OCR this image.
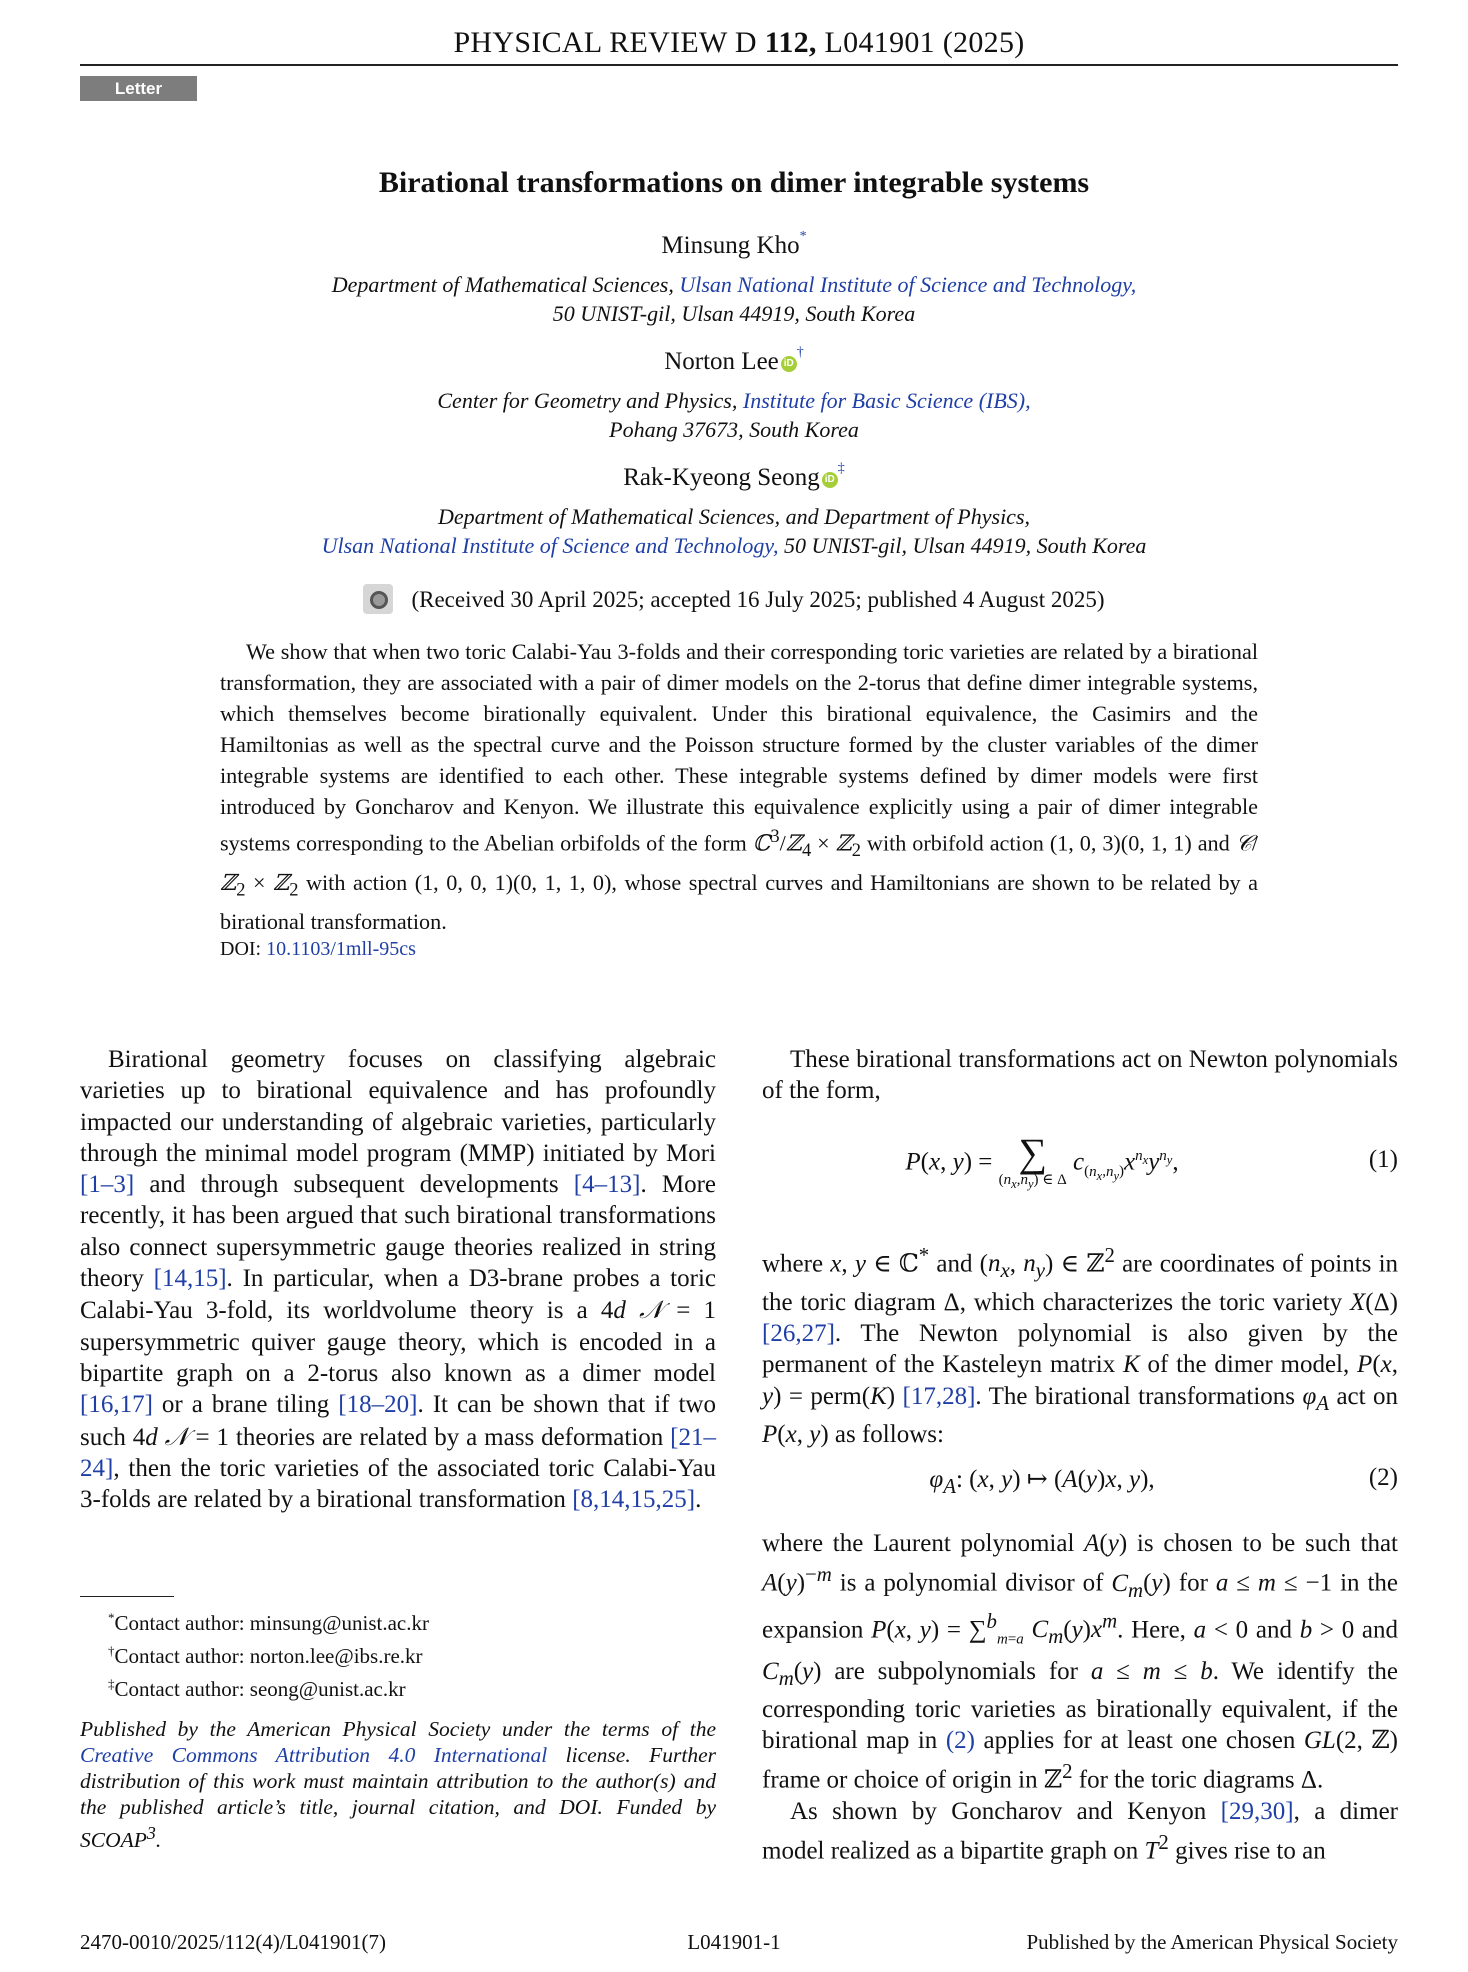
PHYSICAL REVIEW D 112, L041901 (2025)
Letter
Birational transformations on dimer integrable systems
Minsung Kho*
Department of Mathematical Sciences, Ulsan National Institute of Science and Technology,
50 UNIST-gil, Ulsan 44919, South Korea
Norton Lee iD†
Center for Geometry and Physics, Institute for Basic Science (IBS),
Pohang 37673, South Korea
Rak-Kyeong Seong iD‡
Department of Mathematical Sciences, and Department of Physics,
Ulsan National Institute of Science and Technology, 50 UNIST-gil, Ulsan 44919, South Korea
(Received 30 April 2025; accepted 16 July 2025; published 4 August 2025)
We show that when two toric Calabi-Yau 3-folds and their corresponding toric varieties are related by a birational transformation, they are associated with a pair of dimer models on the 2-torus that define dimer integrable systems, which themselves become birationally equivalent. Under this birational equivalence, the Casimirs and the Hamiltonias as well as the spectral curve and the Poisson structure formed by the cluster variables of the dimer integrable systems are identified to each other. These integrable systems defined by dimer models were first introduced by Goncharov and Kenyon. We illustrate this equivalence explicitly using a pair of dimer integrable systems corresponding to the Abelian orbifolds of the form ℂ$^3$/ℤ$_4$ × ℤ$_2$ with orbifold action (1, 0, 3)(0, 1, 1) and 𝒞/ℤ$_2$ × ℤ$_2$ with action (1, 0, 0, 1)(0, 1, 1, 0), whose spectral curves and Hamiltonians are shown to be related by a birational transformation.
DOI: 10.1103/1mll-95cs

Birational geometry focuses on classifying algebraic varieties up to birational equivalence and has profoundly impacted our understanding of algebraic varieties, particularly through the minimal model program (MMP) initiated by Mori [1–3] and through subsequent developments [4–13]. More recently, it has been argued that such birational transformations also connect supersymmetric gauge theories realized in string theory [14,15]. In particular, when a D3-brane probes a toric Calabi-Yau 3-fold, its worldvolume theory is a 4d 𝒩 = 1 supersymmetric quiver gauge theory, which is encoded in a bipartite graph on a 2-torus also known as a dimer model [16,17] or a brane tiling [18–20]. It can be shown that if two such 4d 𝒩 = 1 theories are related by a mass deformation [21–24], then the toric varieties of the associated toric Calabi-Yau 3-folds are related by a birational transformation [8,14,15,25].

*Contact author: minsung@unist.ac.kr
†Contact author: norton.lee@ibs.re.kr
‡Contact author: seong@unist.ac.kr
Published by the American Physical Society under the terms of the Creative Commons Attribution 4.0 International license. Further distribution of this work must maintain attribution to the author(s) and the published article’s title, journal citation, and DOI. Funded by SCOAP$^3$.

These birational transformations act on Newton polynomials of the form,

P(x, y) = ∑
$(n_x,n_y)$ ∈ Δ
$c_{(n_x,n_y)}x^{n_x}y^{n_y}$,	(1)

where x, y ∈ ℂ* and ($n_x$, $n_y$) ∈ ℤ$^2$ are coordinates of points in the toric diagram Δ, which characterizes the toric variety X(Δ) [26,27]. The Newton polynomial is also given by the permanent of the Kasteleyn matrix K of the dimer model, P(x, y) = perm(K) [17,28]. The birational transformations $\varphi_A$ act on P(x, y) as follows:

$\varphi_A$: (x, y) ↦ (A(y)x, y),	(2)

where the Laurent polynomial A(y) is chosen to be such that $A(y)^{-m}$ is a polynomial divisor of $C_m(y)$ for a ≤ m ≤ −1 in the expansion P(x, y) = ∑$^b_{m=a}$ $C_m(y)x^m$. Here, a < 0 and b > 0 and $C_m(y)$ are subpolynomials for a ≤ m ≤ b. We identify the corresponding toric varieties as birationally equivalent, if the birational map in (2) applies for at least one chosen GL(2, ℤ) frame or choice of origin in ℤ$^2$ for the toric diagrams Δ.

As shown by Goncharov and Kenyon [29,30], a dimer model realized as a bipartite graph on $T^2$ gives rise to an

2470-0010/2025/112(4)/L041901(7)	L041901-1	Published by the American Physical Society
